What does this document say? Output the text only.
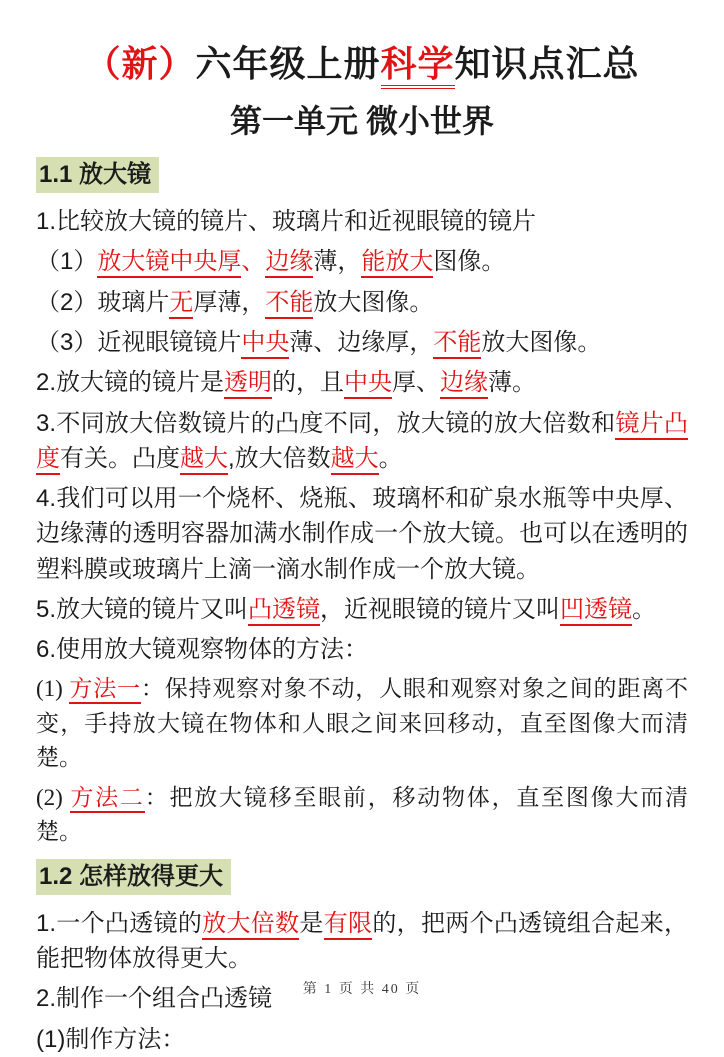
（新）六年级上册科学知识点汇总
第一单元 微小世界
1.1 放大镜
1.比较放大镜的镜片、玻璃片和近视眼镜的镜片
（1）放大镜中央厚、边缘薄，能放大图像。
（2）玻璃片无厚薄，不能放大图像。
（3）近视眼镜镜片中央薄、边缘厚，不能放大图像。
2.放大镜的镜片是透明的，且中央厚、边缘薄。
3.不同放大倍数镜片的凸度不同，放大镜的放大倍数和镜片凸度有关。凸度越大,放大倍数越大。
4.我们可以用一个烧杯、烧瓶、玻璃杯和矿泉水瓶等中央厚、边缘薄的透明容器加满水制作成一个放大镜。也可以在透明的塑料膜或玻璃片上滴一滴水制作成一个放大镜。
5.放大镜的镜片又叫凸透镜，近视眼镜的镜片又叫凹透镜。
6.使用放大镜观察物体的方法：
(1) 方法一：保持观察对象不动，人眼和观察对象之间的距离不变，手持放大镜在物体和人眼之间来回移动，直至图像大而清楚。
(2) 方法二：把放大镜移至眼前，移动物体，直至图像大而清楚。
1.2 怎样放得更大
1.一个凸透镜的放大倍数是有限的，把两个凸透镜组合起来，能把物体放得更大。
2.制作一个组合凸透镜
(1)制作方法：
第 1 页 共 40 页
